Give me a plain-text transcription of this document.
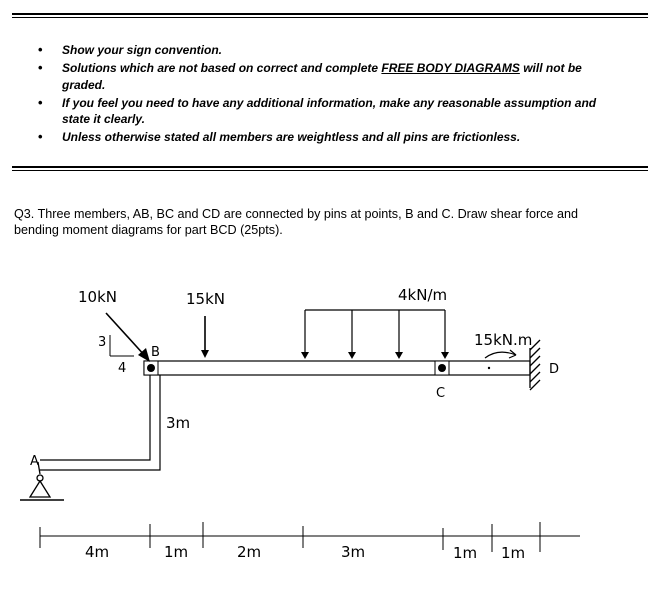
• Show your sign convention.
• Solutions which are not based on correct and complete FREE BODY DIAGRAMS will not be graded.
• If you feel you need to have any additional information, make any reasonable assumption and state it clearly.
• Unless otherwise stated all members are weightless and all pins are frictionless.
Q3. Three members, AB, BC and CD are connected by pins at points, B and C. Draw shear force and bending moment diagrams for part BCD (25pts).
10kN
3
4
B
15kN	4kN/m
15kN.m
C
D
A
3m
4m	1m	2m	3m	1m 1m
